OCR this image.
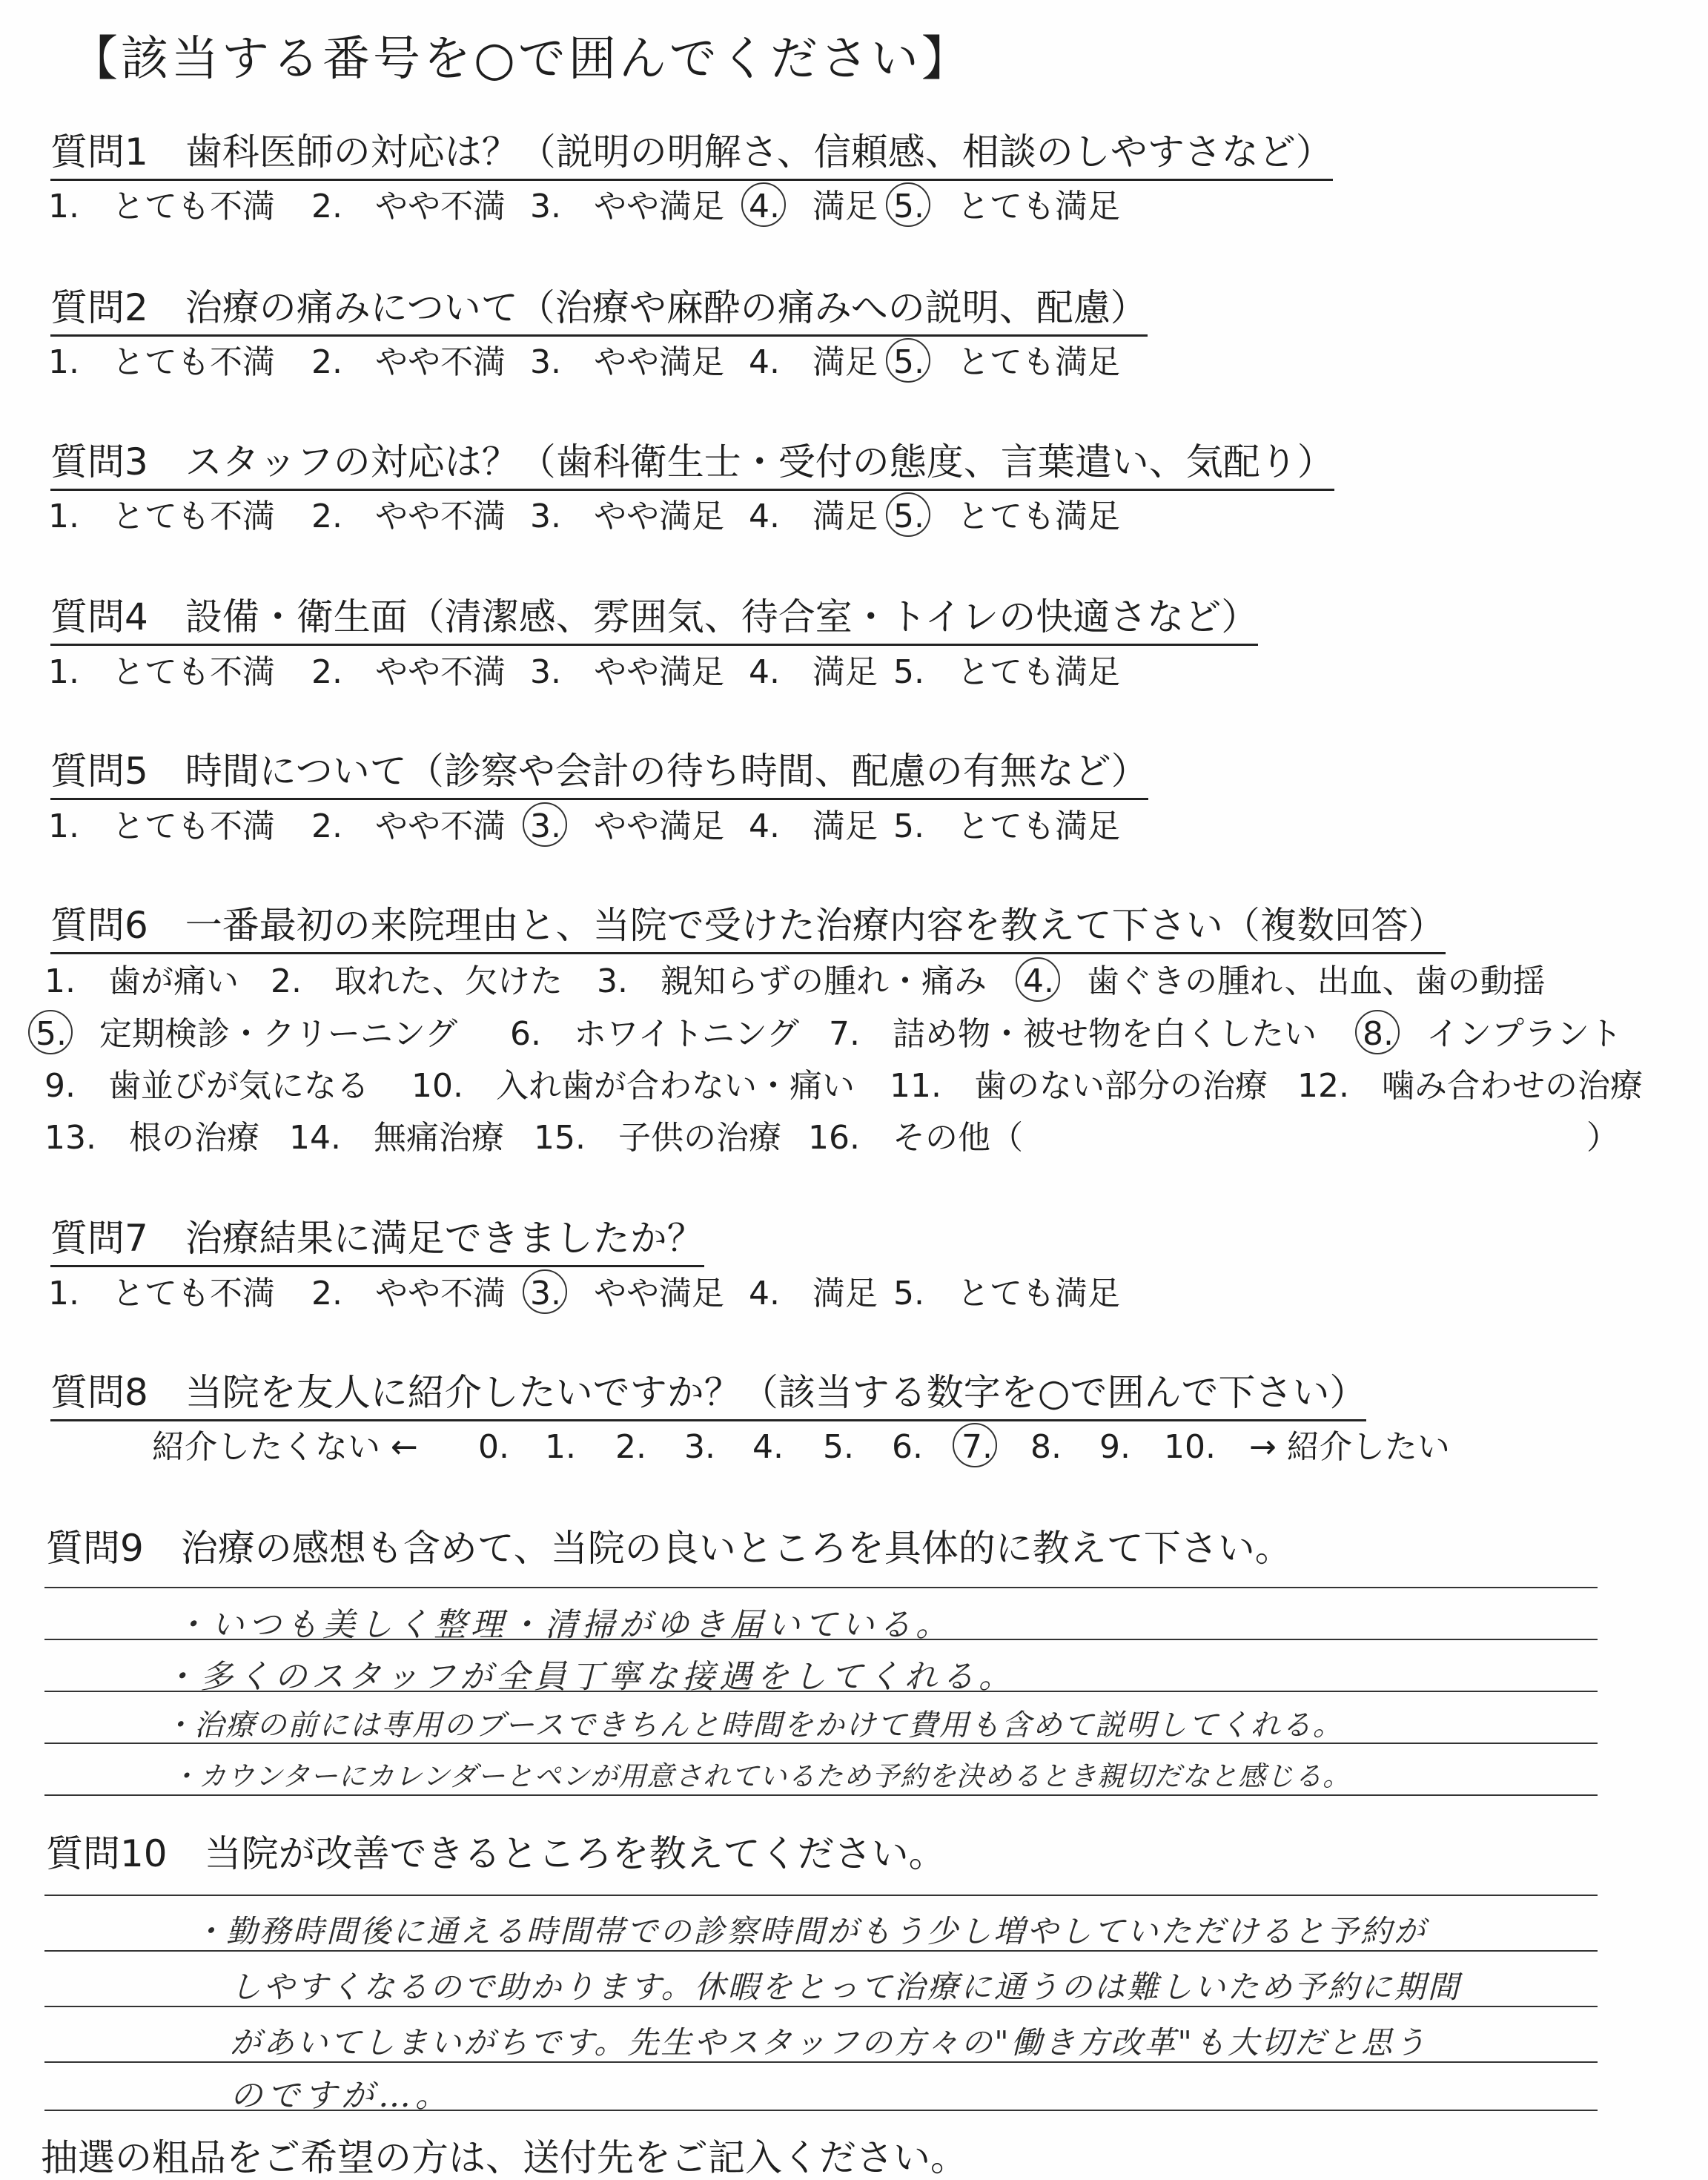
【該当する番号を○で囲んでください】
質問1　歯科医師の対応は？（説明の明解さ、信頼感、相談のしやすさなど）
1.　とても不満 2.　やや不満 3.　やや満足 4.　満足 5.　とても満足
質問2　治療の痛みについて（治療や麻酔の痛みへの説明、配慮）
1.　とても不満 2.　やや不満 3.　やや満足 4.　満足 5.　とても満足
質問3　スタッフの対応は？（歯科衛生士・受付の態度、言葉遣い、気配り）
1.　とても不満 2.　やや不満 3.　やや満足 4.　満足 5.　とても満足
質問4　設備・衛生面（清潔感、雰囲気、待合室・トイレの快適さなど）
1.　とても不満 2.　やや不満 3.　やや満足 4.　満足 5.　とても満足
質問5　時間について（診察や会計の待ち時間、配慮の有無など）
1.　とても不満 2.　やや不満 3.　やや満足 4.　満足 5.　とても満足
質問6　一番最初の来院理由と、当院で受けた治療内容を教えて下さい（複数回答）
1.　歯が痛い 2.　取れた、欠けた 3.　親知らずの腫れ・痛み 4.　歯ぐきの腫れ、出血、歯の動揺
5.　定期検診・クリーニング 6.　ホワイトニング 7.　詰め物・被せ物を白くしたい 8.　インプラント
9.　歯並びが気になる 10.　入れ歯が合わない・痛い 11.　歯のない部分の治療 12.　噛み合わせの治療
13.　根の治療 14.　無痛治療 15.　子供の治療 16.　その他（	）
質問7　治療結果に満足できましたか？
1.　とても不満 2.　やや不満 3.　やや満足 4.　満足 5.　とても満足
質問8　当院を友人に紹介したいですか？（該当する数字を○で囲んで下さい）
紹介したくない ← 0. 1. 2. 3. 4. 5. 6. 7. 8. 9. 10. → 紹介したい
質問9　治療の感想も含めて、当院の良いところを具体的に教えて下さい。
・いつも美しく整理・清掃がゆき届いている。
・多くのスタッフが全員丁寧な接遇をしてくれる。
・治療の前には専用のブースできちんと時間をかけて費用も含めて説明してくれる。
・カウンターにカレンダーとペンが用意されているため予約を決めるとき親切だなと感じる。
質問10　当院が改善できるところを教えてください。
・勤務時間後に通える時間帯での診察時間がもう少し増やしていただけると予約が
しやすくなるので助かります。休暇をとって治療に通うのは難しいため予約に期間
があいてしまいがちです。先生やスタッフの方々の"働き方改革"も大切だと思う
のですが…。
抽選の粗品をご希望の方は、送付先をご記入ください。
